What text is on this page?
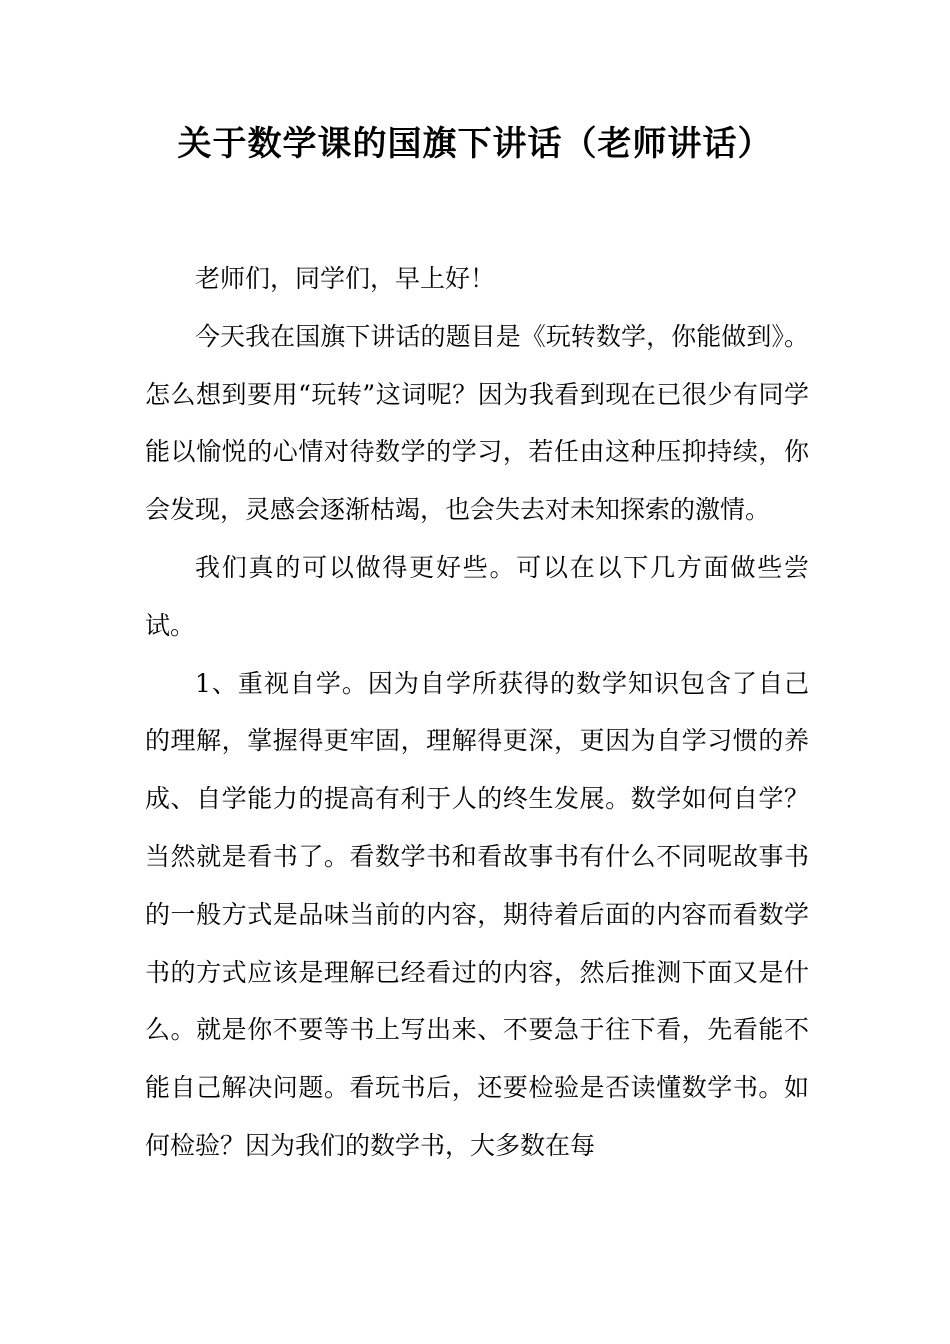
关于数学课的国旗下讲话（老师讲话）

老师们，同学们，早上好！

今天我在国旗下讲话的题目是《玩转数学，你能做到》。怎么想到要用“玩转”这词呢？因为我看到现在已很少有同学能以愉悦的心情对待数学的学习，若任由这种压抑持续，你会发现，灵感会逐渐枯竭，也会失去对未知探索的激情。

我们真的可以做得更好些。可以在以下几方面做些尝试。

1、重视自学。因为自学所获得的数学知识包含了自己的理解，掌握得更牢固，理解得更深，更因为自学习惯的养成、自学能力的提高有利于人的终生发展。数学如何自学？当然就是看书了。看数学书和看故事书有什么不同呢故事书的一般方式是品味当前的内容，期待着后面的内容而看数学书的方式应该是理解已经看过的内容，然后推测下面又是什么。就是你不要等书上写出来、不要急于往下看，先看能不能自己解决问题。看玩书后，还要检验是否读懂数学书。如何检验？因为我们的数学书，大多数在每
